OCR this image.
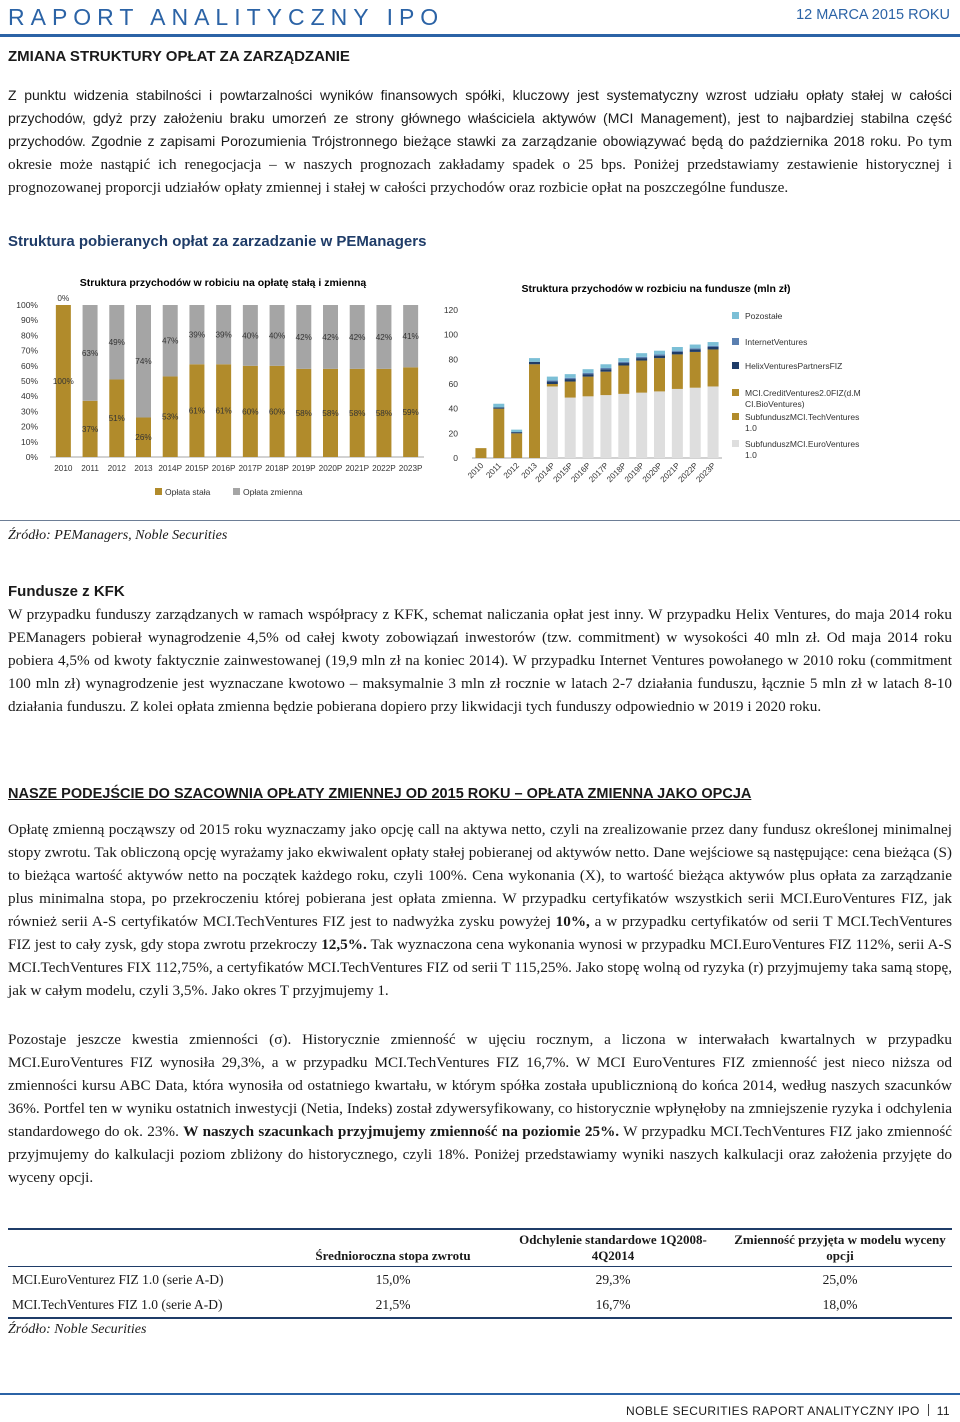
RAPORT ANALITYCZNY IPO	12 MARCA 2015 ROKU
ZMIANA STRUKTURY OPŁAT ZA ZARZĄDZANIE
Z punktu widzenia stabilności i powtarzalności wyników finansowych spółki, kluczowy jest systematyczny wzrost udziału opłaty stałej w całości przychodów, gdyż przy założeniu braku umorzeń ze strony głównego właściciela aktywów (MCI Management), jest to najbardziej stabilna część przychodów. Zgodnie z zapisami Porozumienia Trójstronnego bieżące stawki za zarządzanie obowiązywać będą do października 2018 roku. Po tym okresie może nastąpić ich renegocjacja – w naszych prognozach zakładamy spadek o 25 bps. Poniżej przedstawiamy zestawienie historycznej i prognozowanej proporcji udziałów opłaty zmiennej i stałej w całości przychodów oraz rozbicie opłat na poszczególne fundusze.
Struktura pobieranych opłat za zarzadzanie w PEManagers
Struktura przychodów w robiciu na opłatę stałą i zmienną
0%
10%
20%
30%
40%
50%
60%
70%
80%
90%
100%
100%
0%
2010
37%
63%
2011
51%
49%
2012
26%
74%
2013
53%
47%
2014P
61%
39%
2015P
61%
39%
2016P
60%
40%
2017P
60%
40%
2018P
58%
42%
2019P
58%
42%
2020P
58%
42%
2021P
58%
42%
2022P
59%
41%
2023P
Opłata stała	Opłata zmienna
Struktura przychodów w rozbiciu na fundusze (mln zł)
0
20
40
60
80
100
120
2010 2011
2012
2013
2014P
2015P
2016P
2017P
2018P
2019P
2020P
2021P
2022P
2023P
Pozostałe
InternetVentures
HelixVenturesPartnersFIZ
MCI.CreditVentures2.0FIZ(d.M
CI.BioVentures)
SubfunduszMCI.TechVentures
1.0
SubfunduszMCI.EuroVentures
1.0
Źródło: PEManagers, Noble Securities
Fundusze z KFK
W przypadku funduszy zarządzanych w ramach współpracy z KFK, schemat naliczania opłat jest inny. W przypadku Helix Ventures, do maja 2014 roku PEManagers pobierał wynagrodzenie 4,5% od całej kwoty zobowiązań inwestorów (tzw. commitment) w wysokości 40 mln zł. Od maja 2014 roku pobiera 4,5% od kwoty faktycznie zainwestowanej (19,9 mln zł na koniec 2014). W przypadku Internet Ventures powołanego w 2010 roku (commitment 100 mln zł) wynagrodzenie jest wyznaczane kwotowo – maksymalnie 3 mln zł rocznie w latach 2-7 działania funduszu, łącznie 5 mln zł w latach 8-10 działania funduszu. Z kolei opłata zmienna będzie pobierana dopiero przy likwidacji tych funduszy odpowiednio w 2019 i 2020 roku.
NASZE PODEJŚCIE DO SZACOWNIA OPŁATY ZMIENNEJ OD 2015 ROKU – OPŁATA ZMIENNA JAKO OPCJA
Opłatę zmienną począwszy od 2015 roku wyznaczamy jako opcję call na aktywa netto, czyli na zrealizowanie przez dany fundusz określonej minimalnej stopy zwrotu. Tak obliczoną opcję wyrażamy jako ekwiwalent opłaty stałej pobieranej od aktywów netto. Dane wejściowe są następujące: cena bieżąca (S) to bieżąca wartość aktywów netto na początek każdego roku, czyli 100%. Cena wykonania (X), to wartość bieżąca aktywów plus opłata za zarządzanie plus minimalna stopa, po przekroczeniu której pobierana jest opłata zmienna. W przypadku certyfikatów wszystkich serii MCI.EuroVentures FIZ, jak również serii A-S certyfikatów MCI.TechVentures FIZ jest to nadwyżka zysku powyżej 10%, a w przypadku certyfikatów od serii T MCI.TechVentures FIZ jest to cały zysk, gdy stopa zwrotu przekroczy 12,5%. Tak wyznaczona cena wykonania wynosi w przypadku MCI.EuroVentures FIZ 112%, serii A-S MCI.TechVentures FIX 112,75%, a certyfikatów MCI.TechVentures FIZ od serii T 115,25%. Jako stopę wolną od ryzyka (r) przyjmujemy taka samą stopę, jak w całym modelu, czyli 3,5%. Jako okres T przyjmujemy 1.
Pozostaje jeszcze kwestia zmienności (σ). Historycznie zmienność w ujęciu rocznym, a liczona w interwałach kwartalnych w przypadku MCI.EuroVentures FIZ wynosiła 29,3%, a w przypadku MCI.TechVentures FIZ 16,7%. W MCI EuroVentures FIZ zmienność jest nieco niższa od zmienności kursu ABC Data, która wynosiła od ostatniego kwartału, w którym spółka została upublicznioną do końca 2014, według naszych szacunków 36%. Portfel ten w wyniku ostatnich inwestycji (Netia, Indeks) został zdywersyfikowany, co historycznie wpłynęłoby na zmniejszenie ryzyka i odchylenia standardowego do ok. 23%. W naszych szacunkach przyjmujemy zmienność na poziomie 25%. W przypadku MCI.TechVentures FIZ jako zmienność przyjmujemy do kalkulacji poziom zbliżony do historycznego, czyli 18%. Poniżej przedstawiamy wyniki naszych kalkulacji oraz założenia przyjęte do wyceny opcji.
	Średnioroczna stopa zwrotu	Odchylenie standardowe 1Q2008-4Q2014	Zmienność przyjęta w modelu wyceny opcji
MCI.EuroVenturez FIZ 1.0 (serie A-D)	15,0%	29,3%	25,0%
MCI.TechVentures FIZ 1.0 (serie A-D)	21,5%	16,7%	18,0%
Źródło: Noble Securities
NOBLE SECURITIES RAPORT ANALITYCZNY IPO 11
